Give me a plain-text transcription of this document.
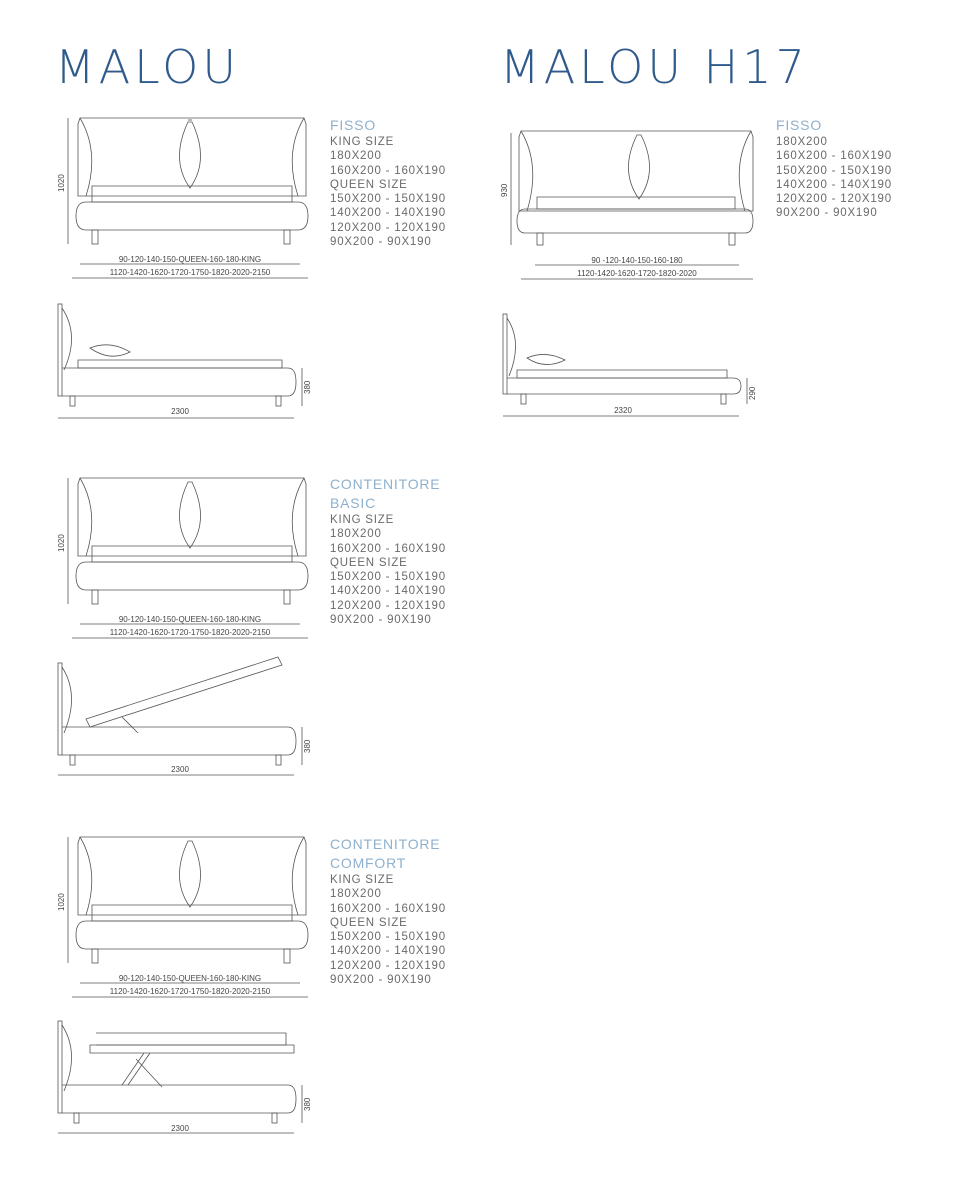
MALOU	MALOU H17
1020
90-120-140-150-QUEEN-160-180-KING
1120-1420-1620-1720-1750-1820-2020-2150
FISSO
KING SIZE
180X200
160X200 - 160X190
QUEEN SIZE
150X200 - 150X190
140X200 - 140X190
120X200 - 120X190
90X200 - 90X190
2300
380
1020
90-120-140-150-QUEEN-160-180-KING
1120-1420-1620-1720-1750-1820-2020-2150
CONTENITORE
BASIC
KING SIZE
180X200
160X200 - 160X190
QUEEN SIZE
150X200 - 150X190
140X200 - 140X190
120X200 - 120X190
90X200 - 90X190
2300
380
1020
90-120-140-150-QUEEN-160-180-KING
1120-1420-1620-1720-1750-1820-2020-2150
CONTENITORE
COMFORT
KING SIZE
180X200
160X200 - 160X190
QUEEN SIZE
150X200 - 150X190
140X200 - 140X190
120X200 - 120X190
90X200 - 90X190
2300
380
930
90 -120-140-150-160-180
1120-1420-1620-1720-1820-2020
FISSO
180X200
160X200 - 160X190
150X200 - 150X190
140X200 - 140X190
120X200 - 120X190
90X200 - 90X190
2320
290
